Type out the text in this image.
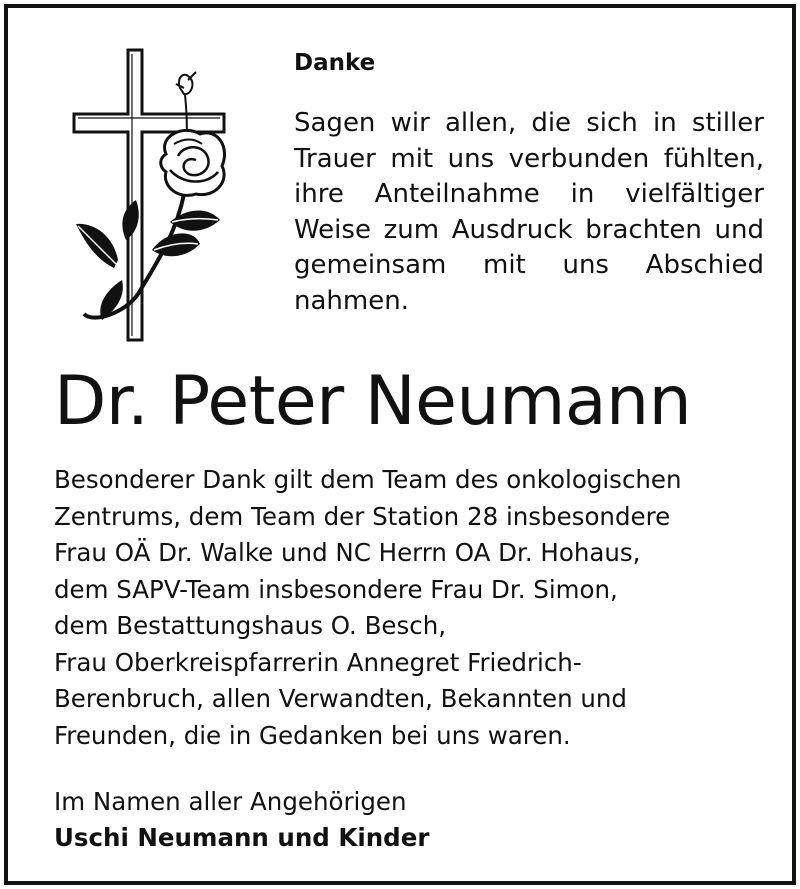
Danke
Sagen wir allen, die sich in stiller Trauer mit uns verbunden fühlten, ihre Anteilnahme in vielfältiger Weise zum Ausdruck brachten und gemeinsam mit uns Abschied nahmen.
Dr. Peter Neumann
Besonderer Dank gilt dem Team des onkologischen
Zentrums, dem Team der Station 28 insbesondere
Frau OÄ Dr. Walke und NC Herrn OA Dr. Hohaus,
dem SAPV-Team insbesondere Frau Dr. Simon,
dem Bestattungshaus O. Besch,
Frau Oberkreispfarrerin Annegret Friedrich-
Berenbruch, allen Verwandten, Bekannten und
Freunden, die in Gedanken bei uns waren.
Im Namen aller Angehörigen
Uschi Neumann und Kinder
